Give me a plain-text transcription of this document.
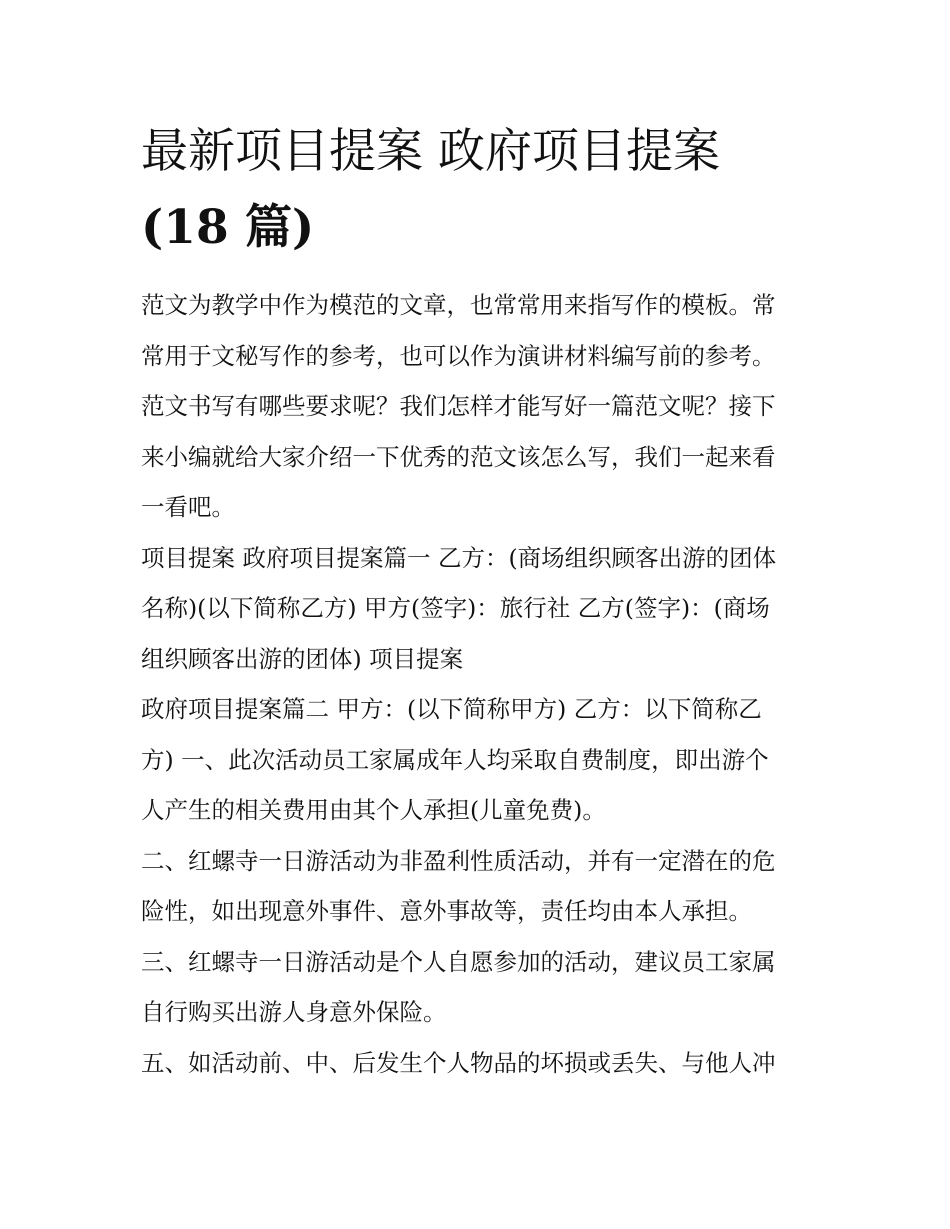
最新项目提案 政府项目提案
(18 篇)
范文为教学中作为模范的文章，也常常用来指写作的模板。常
常用于文秘写作的参考，也可以作为演讲材料编写前的参考。
范文书写有哪些要求呢？我们怎样才能写好一篇范文呢？接下
来小编就给大家介绍一下优秀的范文该怎么写，我们一起来看
一看吧。
项目提案 政府项目提案篇一 乙方：(商场组织顾客出游的团体
名称)(以下简称乙方) 甲方(签字)：旅行社 乙方(签字)：(商场
组织顾客出游的团体) 项目提案
政府项目提案篇二 甲方：(以下简称甲方) 乙方：以下简称乙
方) 一、此次活动员工家属成年人均采取自费制度，即出游个
人产生的相关费用由其个人承担(儿童免费)。
二、红螺寺一日游活动为非盈利性质活动，并有一定潜在的危
险性，如出现意外事件、意外事故等，责任均由本人承担。
三、红螺寺一日游活动是个人自愿参加的活动，建议员工家属
自行购买出游人身意外保险。
五、如活动前、中、后发生个人物品的坏损或丢失、与他人冲
